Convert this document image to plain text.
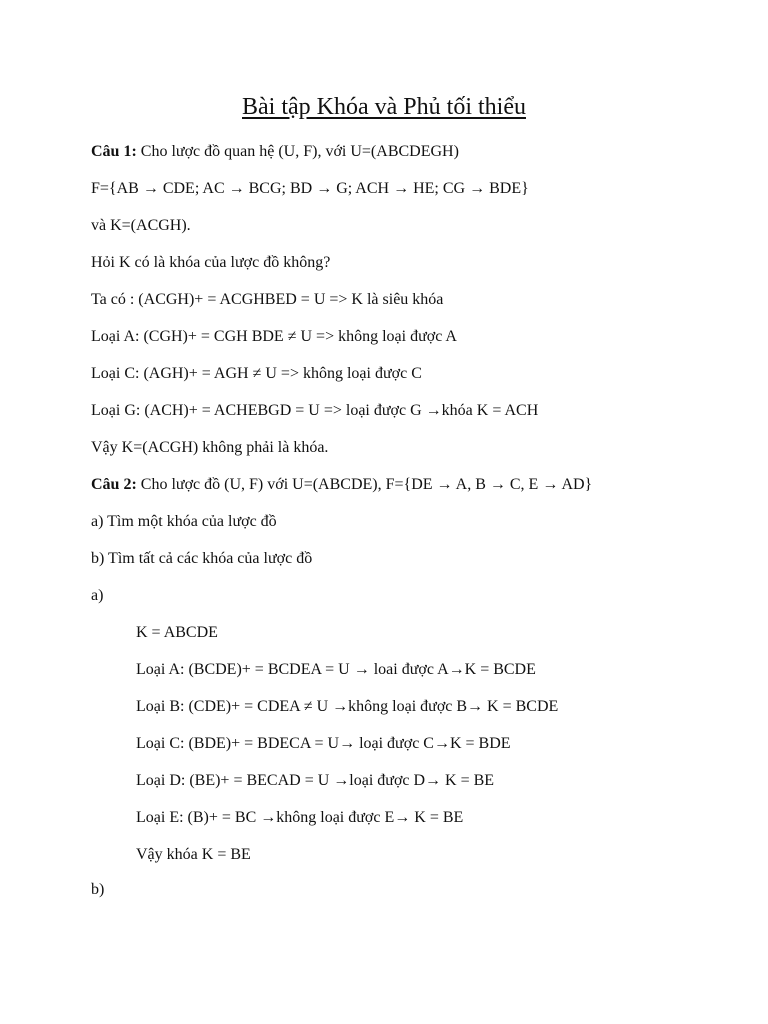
Bài tập Khóa và Phủ tối thiểu
Câu 1: Cho lược đồ quan hệ (U, F), với U=(ABCDEGH)
F={AB → CDE; AC → BCG; BD → G; ACH → HE; CG → BDE}
và K=(ACGH).
Hỏi K có là khóa của lược đồ không?
Ta có : (ACGH)+ = ACGHBED = U => K là siêu khóa
Loại A: (CGH)+ = CGH BDE ≠ U => không loại được A
Loại C: (AGH)+ = AGH ≠ U => không loại được C
Loại G: (ACH)+ = ACHEBGD = U => loại được G →khóa K = ACH
Vậy K=(ACGH) không phải là khóa.
Câu 2: Cho lược đồ (U, F) với U=(ABCDE), F={DE → A, B → C, E → AD}
a) Tìm một khóa của lược đồ
b) Tìm tất cả các khóa của lược đồ
a)
K = ABCDE
Loại A: (BCDE)+ = BCDEA = U → loai được A→K = BCDE
Loại B: (CDE)+ = CDEA ≠ U →không loại được B→ K = BCDE
Loại C: (BDE)+ = BDECA = U→ loại được C→K = BDE
Loại D: (BE)+ = BECAD = U →loại được D→ K = BE
Loại E: (B)+ = BC →không loại được E→ K = BE
Vậy khóa K = BE
b)
